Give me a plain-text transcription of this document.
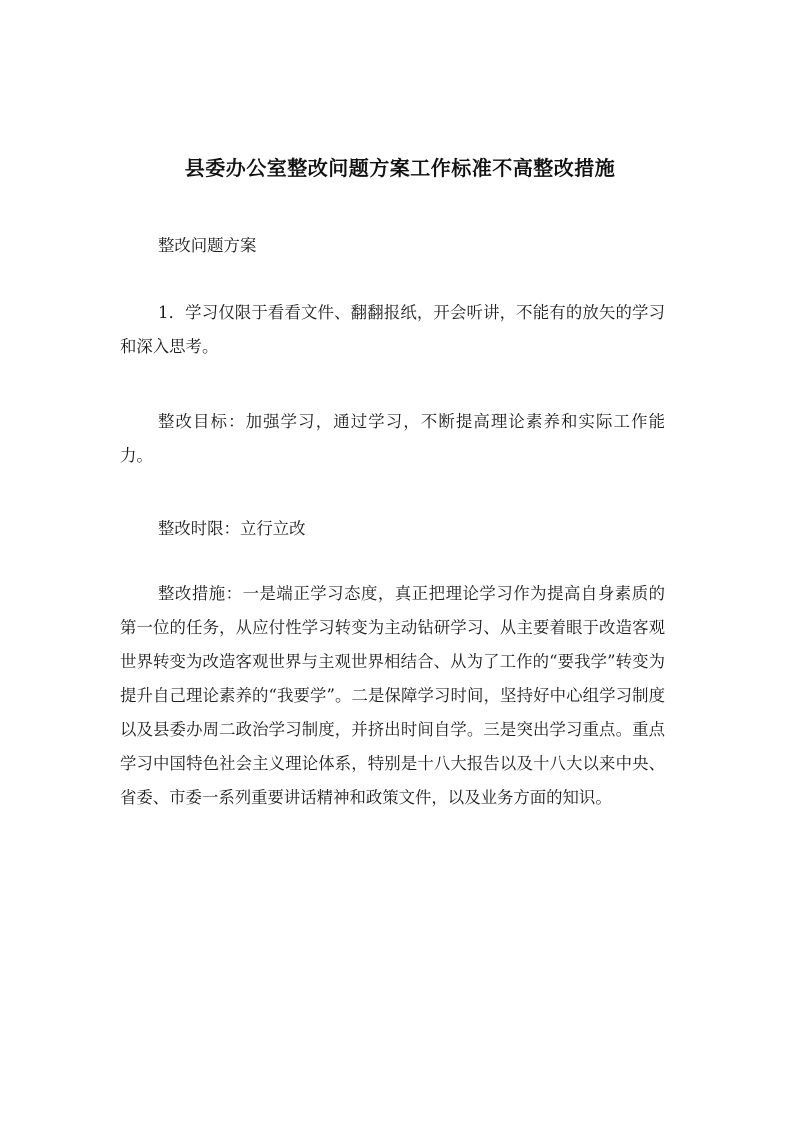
县委办公室整改问题方案工作标准不高整改措施

整改问题方案

1．学习仅限于看看文件、翻翻报纸，开会听讲，不能有的放矢的学习和深入思考。

整改目标：加强学习，通过学习，不断提高理论素养和实际工作能力。

整改时限：立行立改

整改措施：一是端正学习态度，真正把理论学习作为提高自身素质的第一位的任务，从应付性学习转变为主动钻研学习、从主要着眼于改造客观世界转变为改造客观世界与主观世界相结合、从为了工作的“要我学”转变为提升自己理论素养的“我要学”。二是保障学习时间，坚持好中心组学习制度以及县委办周二政治学习制度，并挤出时间自学。三是突出学习重点。重点学习中国特色社会主义理论体系，特别是十八大报告以及十八大以来中央、省委、市委一系列重要讲话精神和政策文件，以及业务方面的知识。
